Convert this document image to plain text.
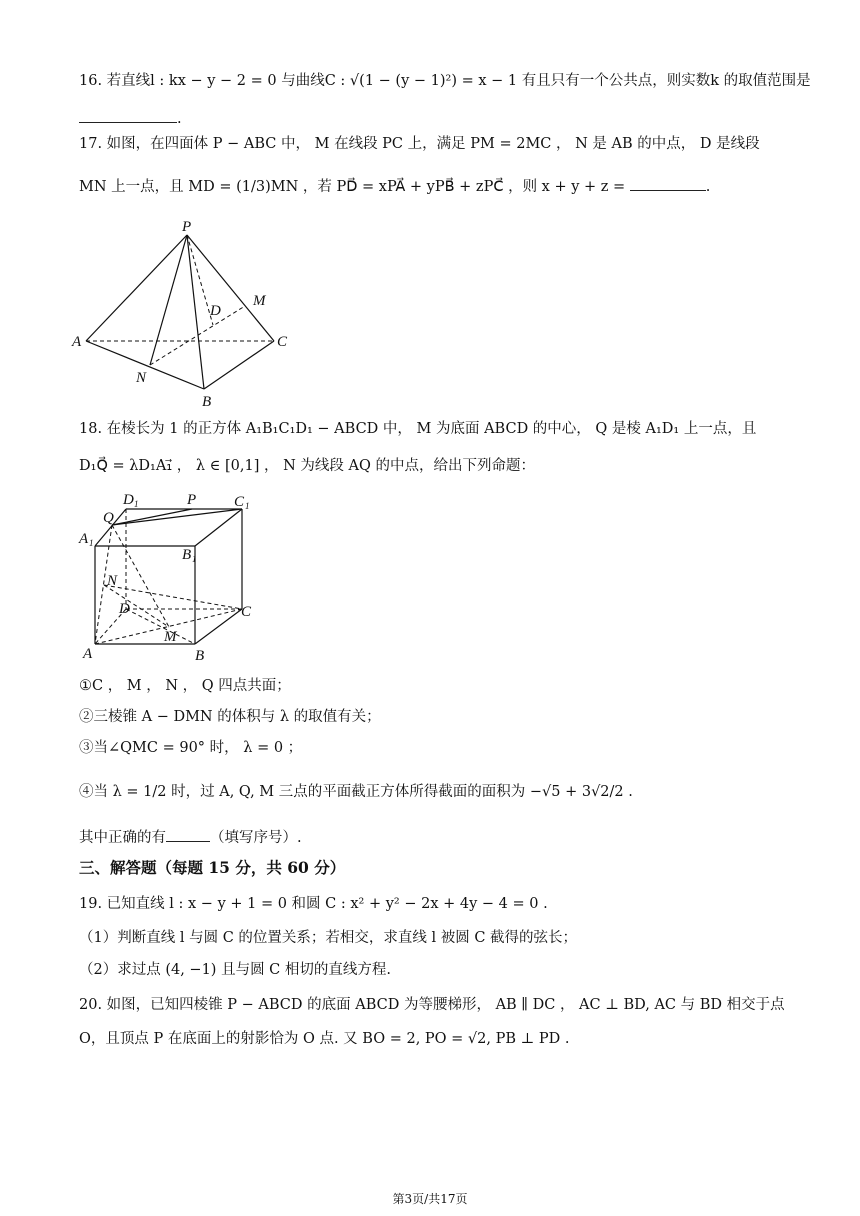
16. 若直线l : kx − y − 2 = 0 与曲线C : √(1 − (y − 1)²) = x − 1 有且只有一个公共点，则实数k 的取值范围是
.
17. 如图，在四面体 P − ABC 中， M 在线段 PC 上，满足 PM = 2MC ， N 是 AB 的中点， D 是线段
MN 上一点，且 MD = (1/3)MN ，若 PD⃗ = xPA⃗ + yPB⃗ + zPC⃗ ，则 x + y + z =	.
P
A	C
B
N
M
D
18. 在棱长为 1 的正方体 A₁B₁C₁D₁ − ABCD 中， M 为底面 ABCD 的中心， Q 是棱 A₁D₁ 上一点，且
D₁Q⃗ = λD₁A₁⃗ ， λ ∈ [0,1] ， N 为线段 AQ 的中点，给出下列命题：
D 1	P	C 1
Q
A 1
B 1
N
D	C
M
A	B
①C ， M ， N ， Q 四点共面；
②三棱锥 A − DMN 的体积与 λ 的取值有关；
③当∠QMC = 90° 时， λ = 0 ；
④当 λ = 1/2 时，过 A, Q, M 三点的平面截正方体所得截面的面积为 −√5 + 3√2/2 .
其中正确的有	（填写序号）.
三、解答题（每题 15 分，共 60 分）
19. 已知直线 l : x − y + 1 = 0 和圆 C : x² + y² − 2x + 4y − 4 = 0 .
（1）判断直线 l 与圆 C 的位置关系；若相交，求直线 l 被圆 C 截得的弦长；
（2）求过点 (4, −1) 且与圆 C 相切的直线方程.
20. 如图，已知四棱锥 P − ABCD 的底面 ABCD 为等腰梯形， AB ∥ DC ， AC ⊥ BD, AC 与 BD 相交于点
O，且顶点 P 在底面上的射影恰为 O 点. 又 BO = 2, PO = √2, PB ⊥ PD .
第3页/共17页
